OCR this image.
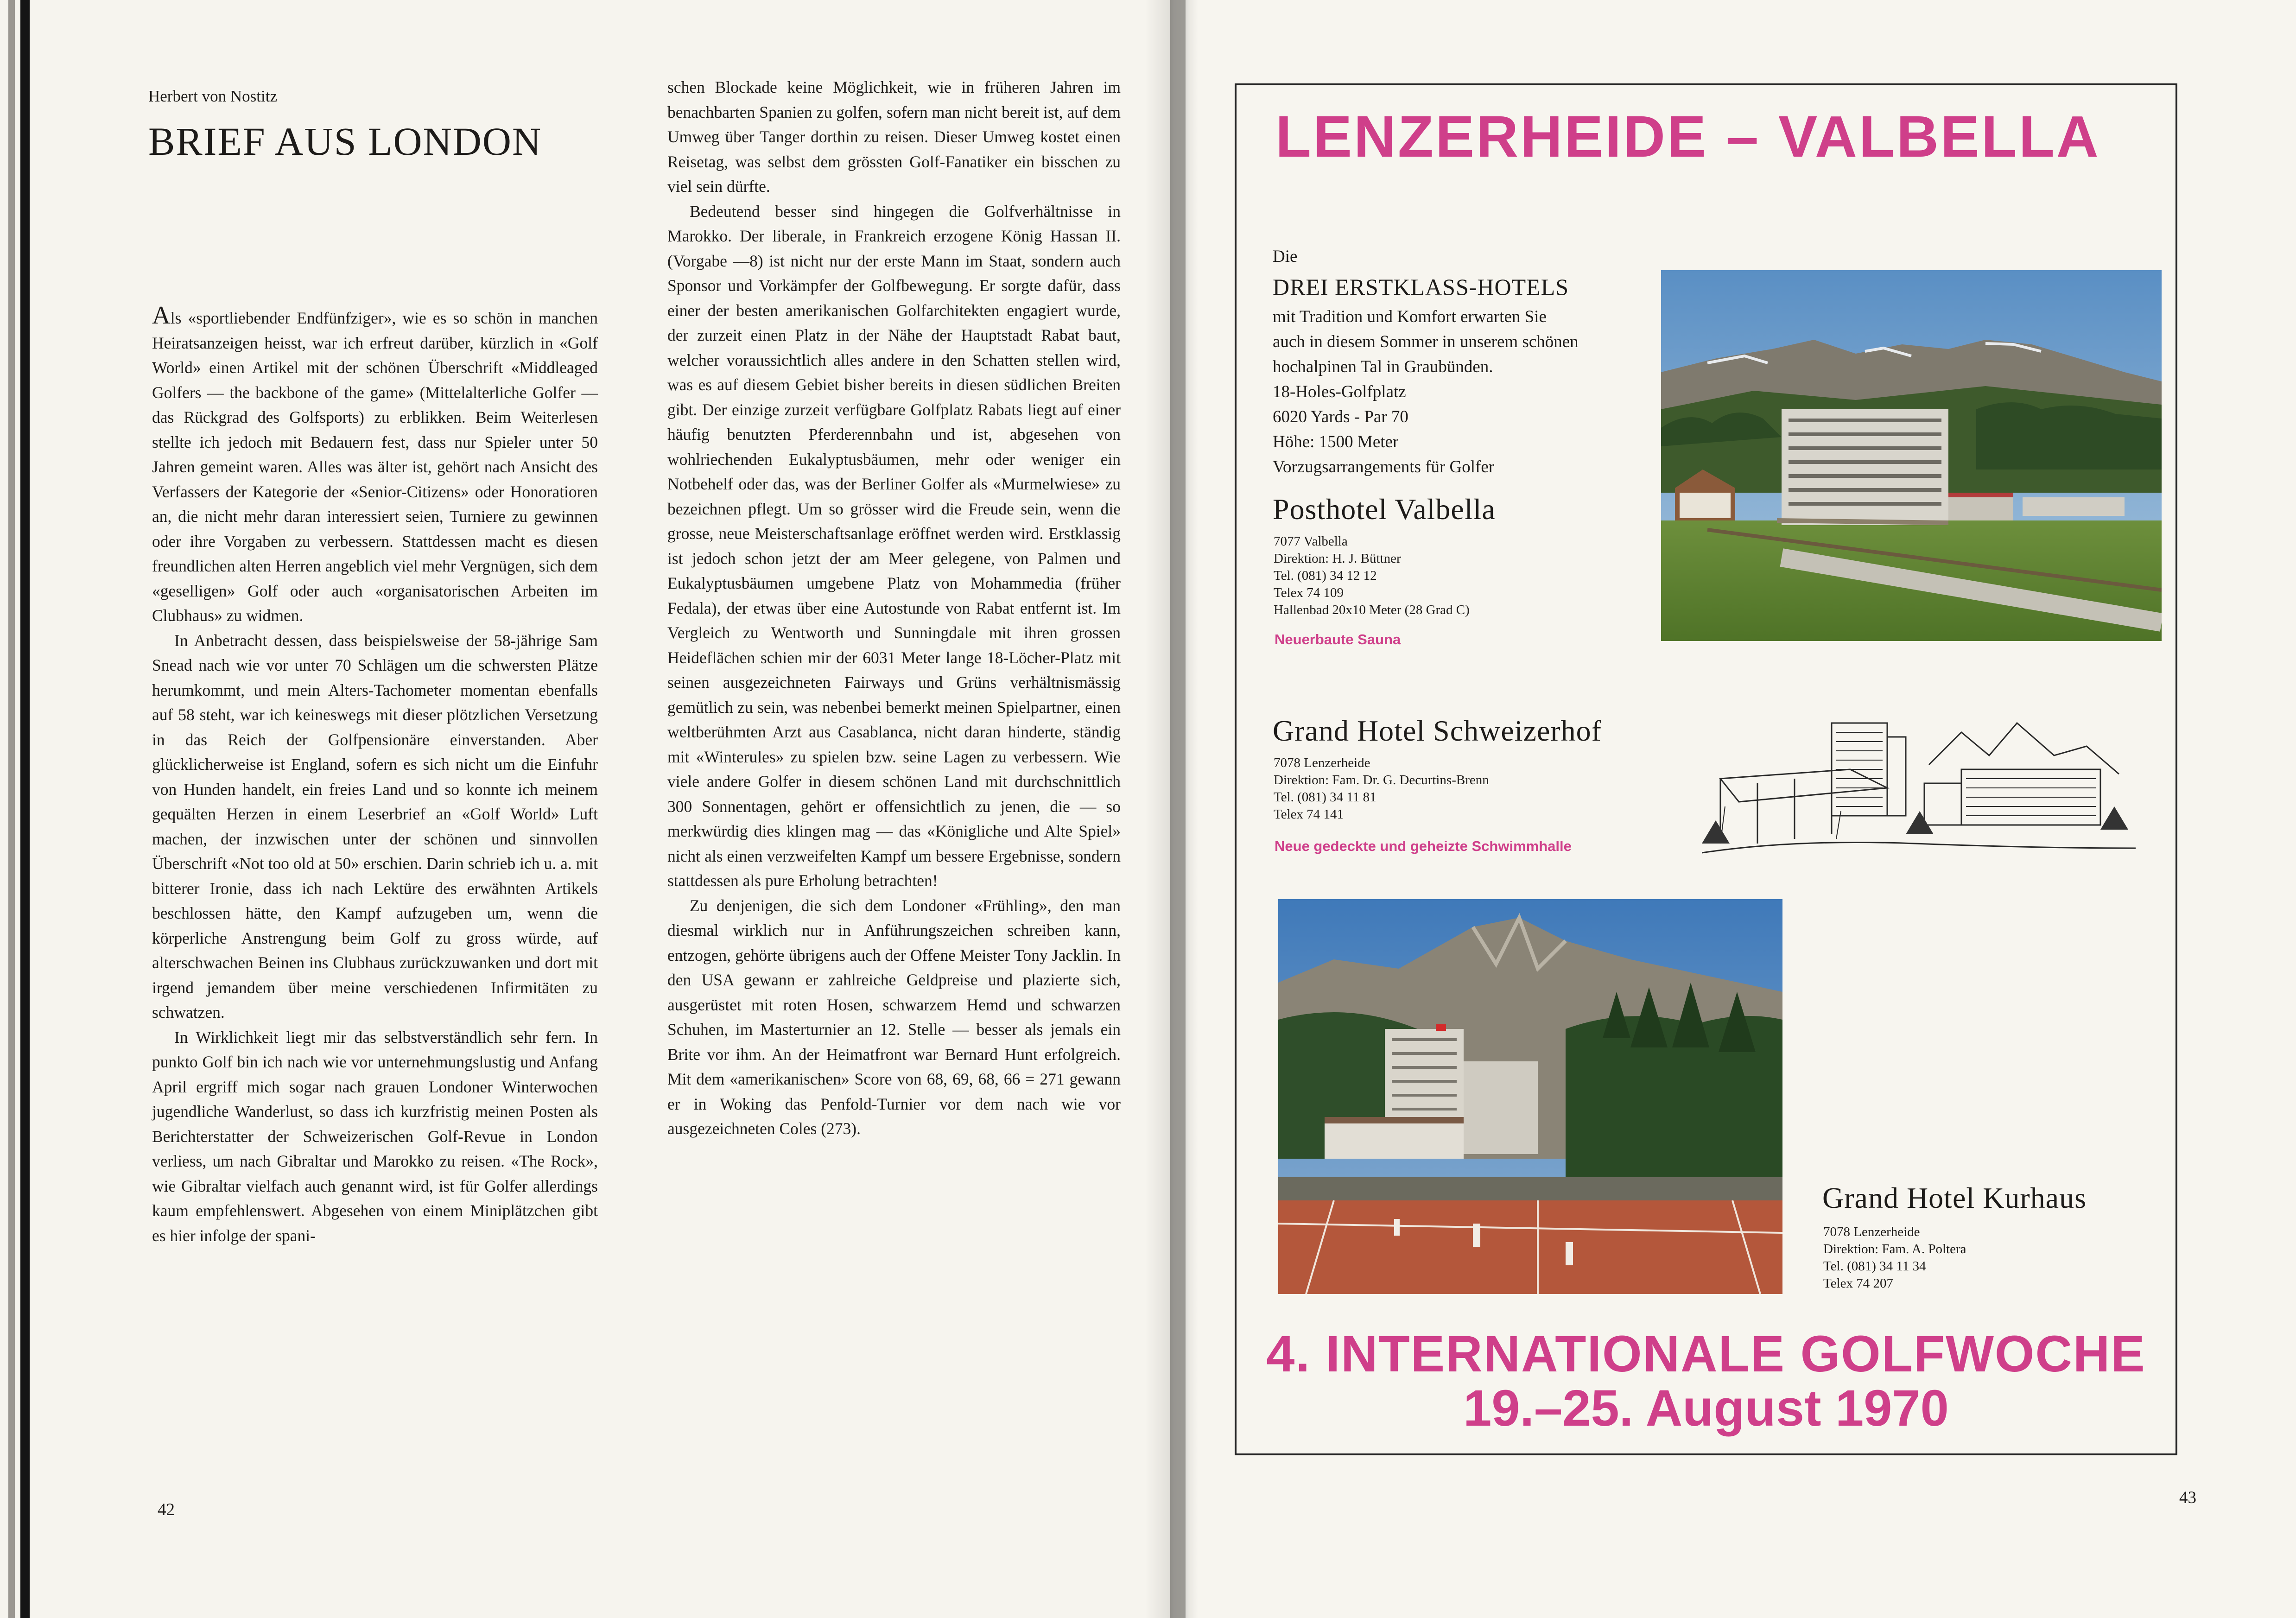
Herbert von Nostitz
BRIEF AUS LONDON

Als «sportliebender Endfünfziger», wie es so schön in manchen Heiratsanzeigen heisst, war ich erfreut darüber, kürzlich in «Golf World» einen Artikel mit der schönen Überschrift «Middleaged Golfers — the backbone of the game» (Mittelalterliche Golfer — das Rückgrad des Golfsports) zu erblikken. Beim Weiterlesen stellte ich jedoch mit Bedauern fest, dass nur Spieler unter 50 Jahren gemeint waren. Alles was älter ist, gehört nach Ansicht des Verfassers der Kategorie der «Senior-Citizens» oder Honoratioren an, die nicht mehr daran interessiert seien, Turniere zu gewinnen oder ihre Vorgaben zu verbessern. Stattdessen macht es diesen freundlichen alten Herren angeblich viel mehr Vergnügen, sich dem «geselligen» Golf oder auch «organisatorischen Arbeiten im Clubhaus» zu widmen.

In Anbetracht dessen, dass beispielsweise der 58-jährige Sam Snead nach wie vor unter 70 Schlägen um die schwersten Plätze herumkommt, und mein Alters-Tachometer momentan ebenfalls auf 58 steht, war ich keineswegs mit dieser plötzlichen Versetzung in das Reich der Golfpensionäre einverstanden. Aber glücklicherweise ist England, sofern es sich nicht um die Einfuhr von Hunden handelt, ein freies Land und so konnte ich meinem gequälten Herzen in einem Leserbrief an «Golf World» Luft machen, der inzwischen unter der schönen und sinnvollen Überschrift «Not too old at 50» erschien. Darin schrieb ich u. a. mit bitterer Ironie, dass ich nach Lektüre des erwähnten Artikels beschlossen hätte, den Kampf aufzugeben um, wenn die körperliche Anstrengung beim Golf zu gross würde, auf alterschwachen Beinen ins Clubhaus zurückzuwanken und dort mit irgend jemandem über meine verschiedenen Infirmitäten zu schwatzen.

In Wirklichkeit liegt mir das selbstverständlich sehr fern. In punkto Golf bin ich nach wie vor unternehmungslustig und Anfang April ergriff mich sogar nach grauen Londoner Winterwochen jugendliche Wanderlust, so dass ich kurzfristig meinen Posten als Berichterstatter der Schweizerischen Golf-Revue in London verliess, um nach Gibraltar und Marokko zu reisen. «The Rock», wie Gibraltar vielfach auch genannt wird, ist für Golfer allerdings kaum empfehlenswert. Abgesehen von einem Miniplätzchen gibt es hier infolge der spani-

schen Blockade keine Möglichkeit, wie in früheren Jahren im benachbarten Spanien zu golfen, sofern man nicht bereit ist, auf dem Umweg über Tanger dorthin zu reisen. Dieser Umweg kostet einen Reisetag, was selbst dem grössten Golf-Fanatiker ein bisschen zu viel sein dürfte.

Bedeutend besser sind hingegen die Golfverhältnisse in Marokko. Der liberale, in Frankreich erzogene König Hassan II. (Vorgabe —8) ist nicht nur der erste Mann im Staat, sondern auch Sponsor und Vorkämpfer der Golfbewegung. Er sorgte dafür, dass einer der besten amerikanischen Golfarchitekten engagiert wurde, der zurzeit einen Platz in der Nähe der Hauptstadt Rabat baut, welcher voraussichtlich alles andere in den Schatten stellen wird, was es auf diesem Gebiet bisher bereits in diesen südlichen Breiten gibt. Der einzige zurzeit verfügbare Golfplatz Rabats liegt auf einer häufig benutzten Pferderennbahn und ist, abgesehen von wohlriechenden Eukalyptusbäumen, mehr oder weniger ein Notbehelf oder das, was der Berliner Golfer als «Murmelwiese» zu bezeichnen pflegt. Um so grösser wird die Freude sein, wenn die grosse, neue Meisterschaftsanlage eröffnet werden wird. Erstklassig ist jedoch schon jetzt der am Meer gelegene, von Palmen und Eukalyptusbäumen umgebene Platz von Mohammedia (früher Fedala), der etwas über eine Autostunde von Rabat entfernt ist. Im Vergleich zu Wentworth und Sunningdale mit ihren grossen Heideflächen schien mir der 6031 Meter lange 18-Löcher-Platz mit seinen ausgezeichneten Fairways und Grüns verhältnismässig gemütlich zu sein, was nebenbei bemerkt meinen Spielpartner, einen weltberühmten Arzt aus Casablanca, nicht daran hinderte, ständig mit «Winterules» zu spielen bzw. seine Lagen zu verbessern. Wie viele andere Golfer in diesem schönen Land mit durchschnittlich 300 Sonnentagen, gehört er offensichtlich zu jenen, die — so merkwürdig dies klingen mag — das «Königliche und Alte Spiel» nicht als einen verzweifelten Kampf um bessere Ergebnisse, sondern stattdessen als pure Erholung betrachten!

Zu denjenigen, die sich dem Londoner «Frühling», den man diesmal wirklich nur in Anführungszeichen schreiben kann, entzogen, gehörte übrigens auch der Offene Meister Tony Jacklin. In den USA gewann er zahlreiche Geldpreise und plazierte sich, ausgerüstet mit roten Hosen, schwarzem Hemd und schwarzen Schuhen, im Masterturnier an 12. Stelle — besser als jemals ein Brite vor ihm. An der Heimatfront war Bernard Hunt erfolgreich. Mit dem «amerikanischen» Score von 68, 69, 68, 66 = 271 gewann er in Woking das Penfold-Turnier vor dem nach wie vor ausgezeichneten Coles (273).

42
LENZERHEIDE – VALBELLA
Die
DREI ERSTKLASS-HOTELS
mit Tradition und Komfort erwarten Sie
auch in diesem Sommer in unserem schönen
hochalpinen Tal in Graubünden.
18-Holes-Golfplatz
6020 Yards - Par 70
Höhe: 1500 Meter
Vorzugsarrangements für Golfer
Posthotel Valbella
7077 Valbella
Direktion: H. J. Büttner
Tel. (081) 34 12 12
Telex 74 109
Hallenbad 20x10 Meter (28 Grad C)
Neuerbaute Sauna
Grand Hotel Schweizerhof
7078 Lenzerheide
Direktion: Fam. Dr. G. Decurtins-Brenn
Tel. (081) 34 11 81
Telex 74 141
Neue gedeckte und geheizte Schwimmhalle
Grand Hotel Kurhaus
7078 Lenzerheide
Direktion: Fam. A. Poltera
Tel. (081) 34 11 34
Telex 74 207
4. INTERNATIONALE GOLFWOCHE
19.–25. August 1970
43
